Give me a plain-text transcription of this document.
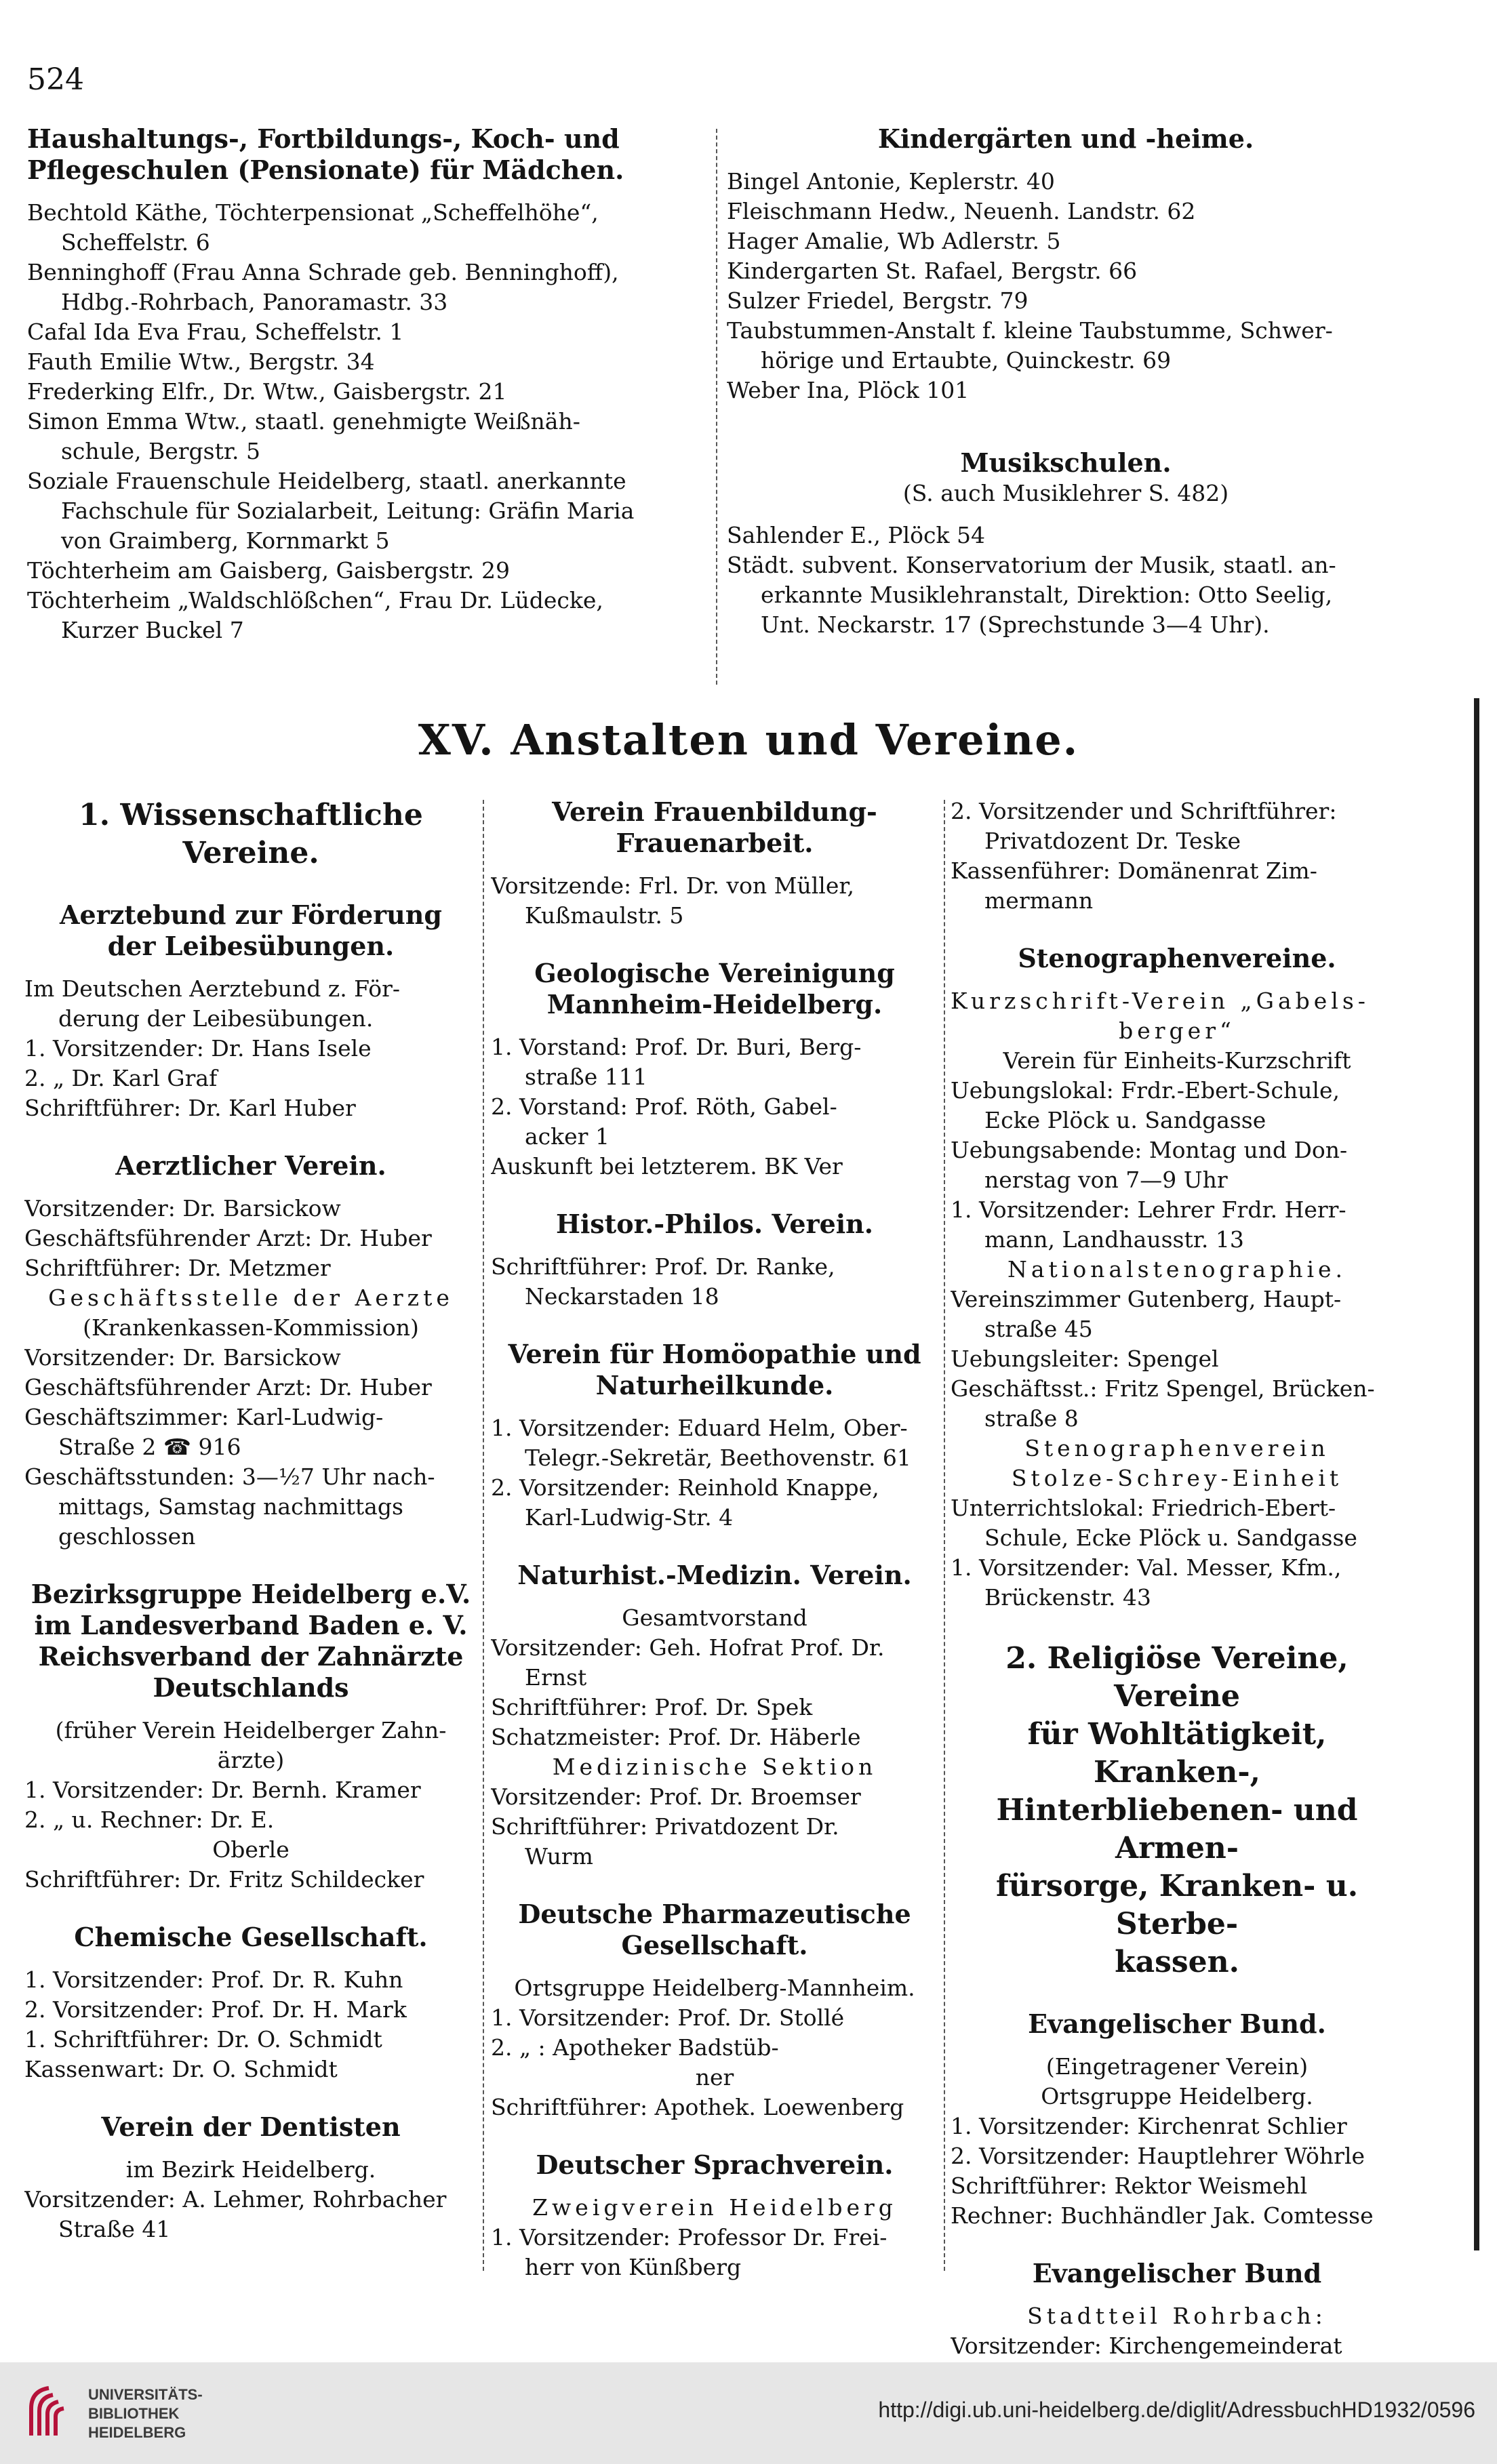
524

Haushaltungs-, Fortbildungs-, Koch- und

Pflegeschulen (Pensionate) für Mädchen.

Bechtold Käthe, Töchterpensionat „Scheffelhöhe“,

Scheffelstr. 6

Benninghoff (Frau Anna Schrade geb. Benninghoff),

Hdbg.-Rohrbach, Panoramastr. 33

Cafal Ida Eva Frau, Scheffelstr. 1

Fauth Emilie Wtw., Bergstr. 34

Frederking Elfr., Dr. Wtw., Gaisbergstr. 21

Simon Emma Wtw., staatl. genehmigte Weißnäh-

schule, Bergstr. 5

Soziale Frauenschule Heidelberg, staatl. anerkannte

Fachschule für Sozialarbeit, Leitung: Gräfin Maria

von Graimberg, Kornmarkt 5

Töchterheim am Gaisberg, Gaisbergstr. 29

Töchterheim „Waldschlößchen“, Frau Dr. Lüdecke,

Kurzer Buckel 7

Kindergärten und -heime.

Bingel Antonie, Keplerstr. 40

Fleischmann Hedw., Neuenh. Landstr. 62

Hager Amalie, Wb Adlerstr. 5

Kindergarten St. Rafael, Bergstr. 66

Sulzer Friedel, Bergstr. 79

Taubstummen-Anstalt f. kleine Taubstumme, Schwer-

hörige und Ertaubte, Quinckestr. 69

Weber Ina, Plöck 101

Musikschulen.

(S. auch Musiklehrer S. 482)

Sahlender E., Plöck 54

Städt. subvent. Konservatorium der Musik, staatl. an-

erkannte Musiklehranstalt, Direktion: Otto Seelig,

Unt. Neckarstr. 17 (Sprechstunde 3—4 Uhr).

XV. Anstalten und Vereine.

1. Wissenschaftliche Vereine.

Aerztebund zur Förderung

der Leibesübungen.

Im Deutschen Aerztebund z. För-

derung der Leibesübungen.

1. Vorsitzender: Dr. Hans Isele

2. „ Dr. Karl Graf

Schriftführer: Dr. Karl Huber

Aerztlicher Verein.

Vorsitzender: Dr. Barsickow

Geschäftsführender Arzt: Dr. Huber

Schriftführer: Dr. Metzmer

Geschäftsstelle der Aerzte

(Krankenkassen-Kommission)

Vorsitzender: Dr. Barsickow

Geschäftsführender Arzt: Dr. Huber

Geschäftszimmer: Karl-Ludwig-

Straße 2 ☎ 916

Geschäftsstunden: 3—½7 Uhr nach-

mittags, Samstag nachmittags

geschlossen

Bezirksgruppe Heidelberg e.V.

im Landesverband Baden e. V.

Reichsverband der Zahnärzte

Deutschlands

(früher Verein Heidelberger Zahn-

ärzte)

1. Vorsitzender: Dr. Bernh. Kramer

2. „ u. Rechner: Dr. E.

Oberle

Schriftführer: Dr. Fritz Schildecker

Chemische Gesellschaft.

1. Vorsitzender: Prof. Dr. R. Kuhn

2. Vorsitzender: Prof. Dr. H. Mark

1. Schriftführer: Dr. O. Schmidt

Kassenwart: Dr. O. Schmidt

Verein der Dentisten

im Bezirk Heidelberg.

Vorsitzender: A. Lehmer, Rohrbacher

Straße 41

Verein Frauenbildung-

Frauenarbeit.

Vorsitzende: Frl. Dr. von Müller,

Kußmaulstr. 5

Geologische Vereinigung

Mannheim-Heidelberg.

1. Vorstand: Prof. Dr. Buri, Berg-

straße 111

2. Vorstand: Prof. Röth, Gabel-

acker 1

Auskunft bei letzterem. BK Ver

Histor.-Philos. Verein.

Schriftführer: Prof. Dr. Ranke,

Neckarstaden 18

Verein für Homöopathie und

Naturheilkunde.

1. Vorsitzender: Eduard Helm, Ober-

Telegr.-Sekretär, Beethovenstr. 61

2. Vorsitzender: Reinhold Knappe,

Karl-Ludwig-Str. 4

Naturhist.-Medizin. Verein.

Gesamtvorstand

Vorsitzender: Geh. Hofrat Prof. Dr.

Ernst

Schriftführer: Prof. Dr. Spek

Schatzmeister: Prof. Dr. Häberle

Medizinische Sektion

Vorsitzender: Prof. Dr. Broemser

Schriftführer: Privatdozent Dr.

Wurm

Deutsche Pharmazeutische

Gesellschaft.

Ortsgruppe Heidelberg-Mannheim.

1. Vorsitzender: Prof. Dr. Stollé

2. „ : Apotheker Badstüb-

ner

Schriftführer: Apothek. Loewenberg

Deutscher Sprachverein.

Zweigverein Heidelberg

1. Vorsitzender: Professor Dr. Frei-

herr von Künßberg

2. Vorsitzender und Schriftführer:

Privatdozent Dr. Teske

Kassenführer: Domänenrat Zim-

mermann

Stenographenvereine.

Kurzschrift-Verein „Gabels-

berger“

Verein für Einheits-Kurzschrift

Uebungslokal: Frdr.-Ebert-Schule,

Ecke Plöck u. Sandgasse

Uebungsabende: Montag und Don-

nerstag von 7—9 Uhr

1. Vorsitzender: Lehrer Frdr. Herr-

mann, Landhausstr. 13

Nationalstenographie.

Vereinszimmer Gutenberg, Haupt-

straße 45

Uebungsleiter: Spengel

Geschäftsst.: Fritz Spengel, Brücken-

straße 8

Stenographenverein

Stolze-Schrey-Einheit

Unterrichtslokal: Friedrich-Ebert-

Schule, Ecke Plöck u. Sandgasse

1. Vorsitzender: Val. Messer, Kfm.,

Brückenstr. 43

2. Religiöse Vereine, Vereine

für Wohltätigkeit, Kranken-,

Hinterbliebenen- und Armen-

fürsorge, Kranken- u. Sterbe-

kassen.

Evangelischer Bund.

(Eingetragener Verein)

Ortsgruppe Heidelberg.

1. Vorsitzender: Kirchenrat Schlier

2. Vorsitzender: Hauptlehrer Wöhrle

Schriftführer: Rektor Weismehl

Rechner: Buchhändler Jak. Comtesse

Evangelischer Bund

Stadtteil Rohrbach:

Vorsitzender: Kirchengemeinderat

UNIVERSITÄTS-
BIBLIOTHEK
HEIDELBERG
http://digi.ub.uni-heidelberg.de/diglit/AdressbuchHD1932/0596
